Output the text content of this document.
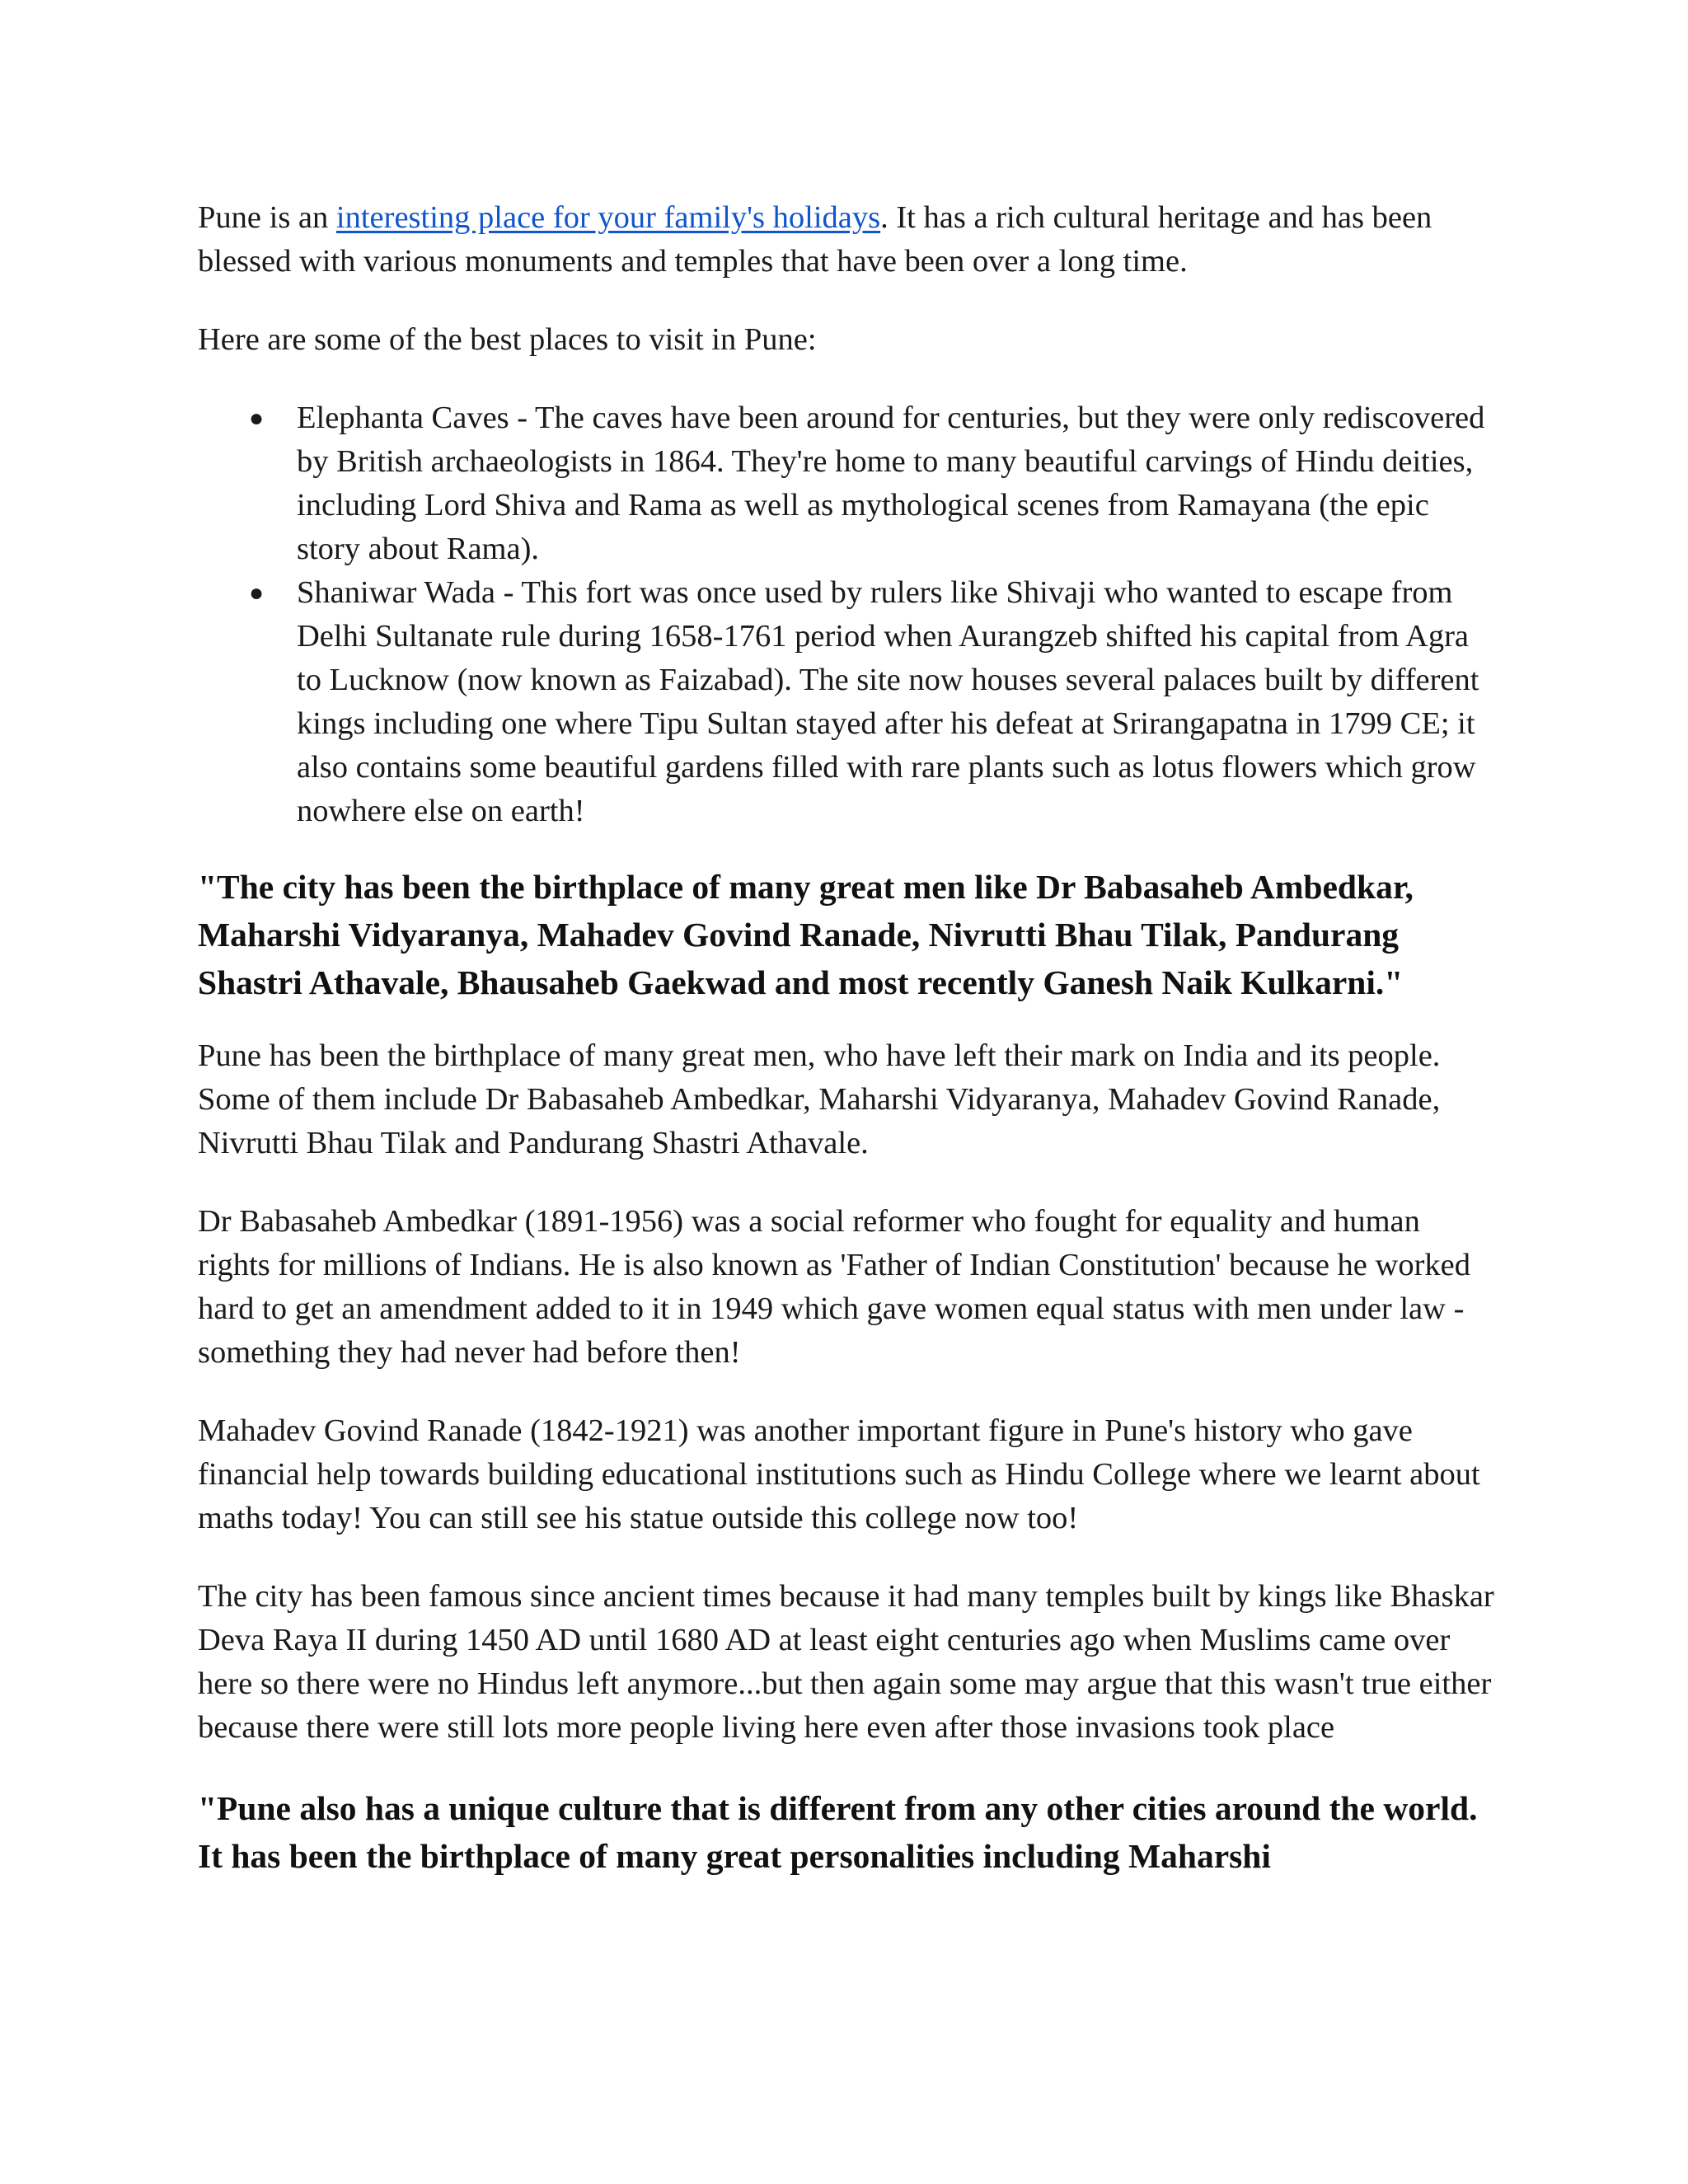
Pune is an interesting place for your family's holidays. It has a rich cultural heritage and has been blessed with various monuments and temples that have been over a long time.

Here are some of the best places to visit in Pune:

● Elephanta Caves - The caves have been around for centuries, but they were only rediscovered by British archaeologists in 1864. They're home to many beautiful carvings of Hindu deities, including Lord Shiva and Rama as well as mythological scenes from Ramayana (the epic story about Rama).
● Shaniwar Wada - This fort was once used by rulers like Shivaji who wanted to escape from Delhi Sultanate rule during 1658-1761 period when Aurangzeb shifted his capital from Agra to Lucknow (now known as Faizabad). The site now houses several palaces built by different kings including one where Tipu Sultan stayed after his defeat at Srirangapatna in 1799 CE; it also contains some beautiful gardens filled with rare plants such as lotus flowers which grow nowhere else on earth!
"The city has been the birthplace of many great men like Dr Babasaheb Ambedkar, Maharshi Vidyaranya, Mahadev Govind Ranade, Nivrutti Bhau Tilak, Pandurang Shastri Athavale, Bhausaheb Gaekwad and most recently Ganesh Naik Kulkarni."

Pune has been the birthplace of many great men, who have left their mark on India and its people. Some of them include Dr Babasaheb Ambedkar, Maharshi Vidyaranya, Mahadev Govind Ranade, Nivrutti Bhau Tilak and Pandurang Shastri Athavale.

Dr Babasaheb Ambedkar (1891-1956) was a social reformer who fought for equality and human rights for millions of Indians. He is also known as 'Father of Indian Constitution' because he worked hard to get an amendment added to it in 1949 which gave women equal status with men under law - something they had never had before then!

Mahadev Govind Ranade (1842-1921) was another important figure in Pune's history who gave financial help towards building educational institutions such as Hindu College where we learnt about maths today! You can still see his statue outside this college now too!

The city has been famous since ancient times because it had many temples built by kings like Bhaskar Deva Raya II during 1450 AD until 1680 AD at least eight centuries ago when Muslims came over here so there were no Hindus left anymore...but then again some may argue that this wasn't true either because there were still lots more people living here even after those invasions took place

"Pune also has a unique culture that is different from any other cities around the world. It has been the birthplace of many great personalities including Maharshi
